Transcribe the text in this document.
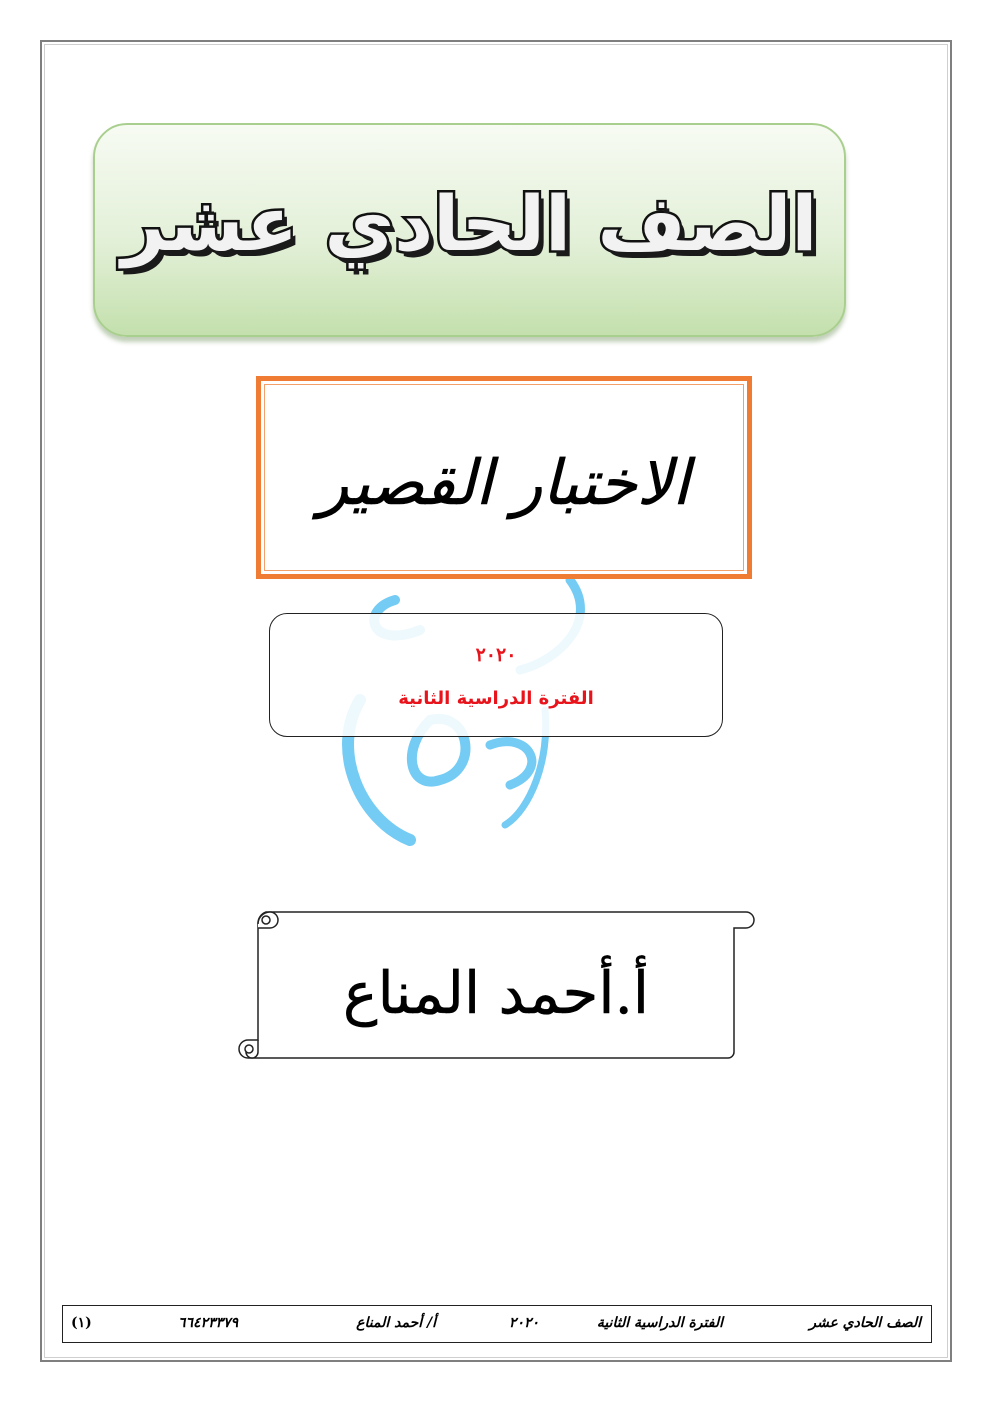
الصف الحادي عشر
الاختبار القصير
٢٠٢٠
الفترة الدراسية الثانية
أ.أحمد المناع
الصف الحادي عشر
الفترة الدراسية الثانية
٢٠٢٠
أ/ أحمد المناع
٦٦٤٢٣٣٧٩
(١)
